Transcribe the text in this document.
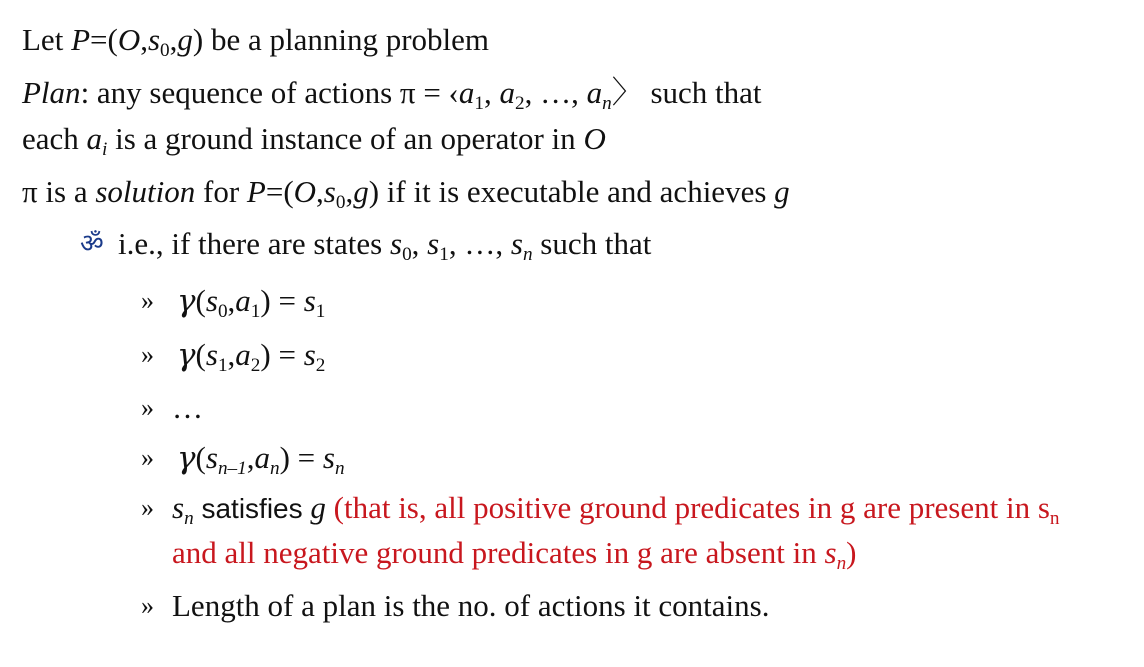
Let $P=(O,s_0,g)$ be a planning problem
Plan: any sequence of actions $\pi = ‹a_1$, $a_2$, …, $a_n$〉 such that
each $a_i$ is a ground instance of an operator in O
π is a solution for $P=(O,s_0,g)$ if it is executable and achieves g
ॐ
i.e., if there are states $s_0$, $s_1$, …, $s_n$ such that
» $\gamma(s_0,a_1) = s_1$
» $\gamma(s_1,a_2) = s_2$
» …
» $\gamma(s_{n-1},a_n) = s_n$
» $s_n$ satisfies g (that is, all positive ground predicates in g are present in $s_n$
and all negative ground predicates in g are absent in $s_n$)
» Length of a plan is the no. of actions it contains.
